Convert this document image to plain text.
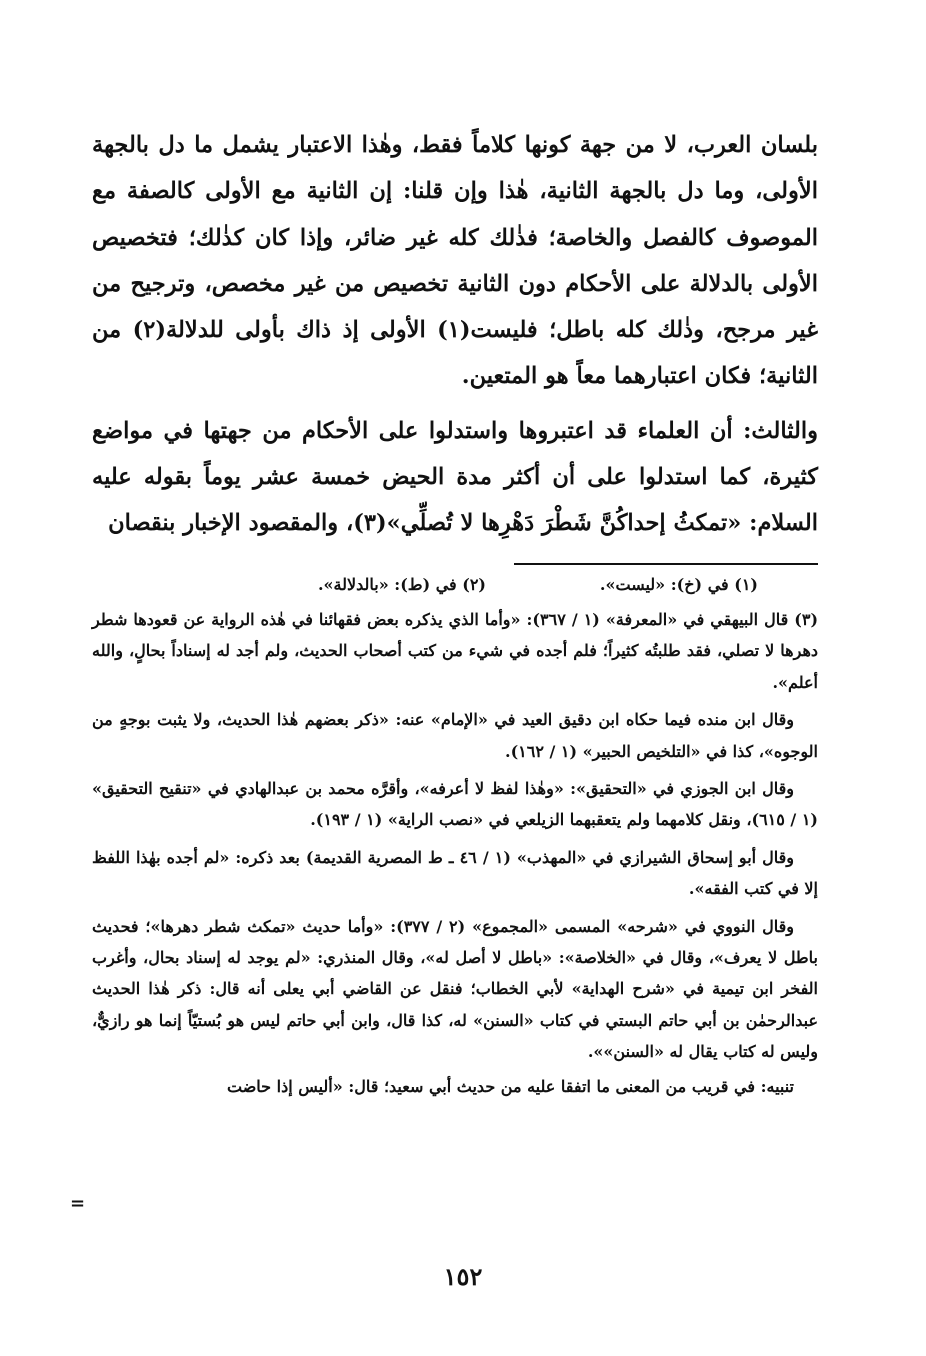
بلسان العرب، لا من جهة كونها كلاماً فقط، وهٰذا الاعتبار يشمل ما دل بالجهة الأولى، وما دل بالجهة الثانية، هٰذا وإن قلنا: إن الثانية مع الأولى كالصفة مع الموصوف كالفصل والخاصة؛ فذٰلك كله غير ضائر، وإذا كان كذٰلك؛ فتخصيص الأولى بالدلالة على الأحكام دون الثانية تخصيص من غير مخصص، وترجيح من غير مرجح، وذٰلك كله باطل؛ فليست(١) الأولى إذ ذاك بأولى للدلالة(٢) من الثانية؛ فكان اعتبارهما معاً هو المتعين.

والثالث: أن العلماء قد اعتبروها واستدلوا على الأحكام من جهتها في مواضع كثيرة، كما استدلوا على أن أكثر مدة الحيض خمسة عشر يوماً بقوله عليه السلام: «تمكثُ إحداكُنَّ شَطْرَ دَهْرِها لا تُصلِّي»(٣)، والمقصود الإخبار بنقصان

(١) في (خ): «ليست».
(٢) في (ط): «بالدلالة».

(٣) قال البيهقي في «المعرفة» (١ / ٣٦٧): «وأما الذي يذكره بعض فقهائنا في هٰذه الرواية عن قعودها شطر دهرها لا تصلي، فقد طلبتُه كثيراً؛ فلم أجده في شيء من كتب أصحاب الحديث، ولم أجد له إسناداً بحالٍ، والله أعلم».

وقال ابن منده فيما حكاه ابن دقيق العيد في «الإمام» عنه: «ذكر بعضهم هٰذا الحديث، ولا يثبت بوجهٍ من الوجوه»، كذا في «التلخيص الحبير» (١ / ١٦٢).

وقال ابن الجوزي في «التحقيق»: «وهٰذا لفظ لا أعرفه»، وأقرَّه محمد بن عبدالهادي في «تنقيح التحقيق» (١ / ٦١٥)، ونقل كلامهما ولم يتعقبهما الزيلعي في «نصب الراية» (١ / ١٩٣).

وقال أبو إسحاق الشيرازي في «المهذب» (١ / ٤٦ ـ ط المصرية القديمة) بعد ذكره: «لم أجده بهٰذا اللفظ إلا في كتب الفقه».

وقال النووي في «شرحه» المسمى «المجموع» (٢ / ٣٧٧): «وأما حديث «تمكث شطر دهرها»؛ فحديث باطل لا يعرف»، وقال في «الخلاصة»: «باطل لا أصل له»، وقال المنذري: «لم يوجد له إسناد بحال، وأغرب الفخر ابن تيمية في «شرح الهداية» لأبي الخطاب؛ فنقل عن القاضي أبي يعلى أنه قال: ذكر هٰذا الحديث عبدالرحمٰن بن أبي حاتم البستي في كتاب «السنن» له، كذا قال، وابن أبي حاتم ليس هو بُستيّاً إنما هو رازيٌّ، وليس له كتاب يقال له «السنن»».

تنبيه: في قريب من المعنى ما اتفقا عليه من حديث أبي سعيد؛ قال: «أليس إذا حاضت

=
١٥٢
